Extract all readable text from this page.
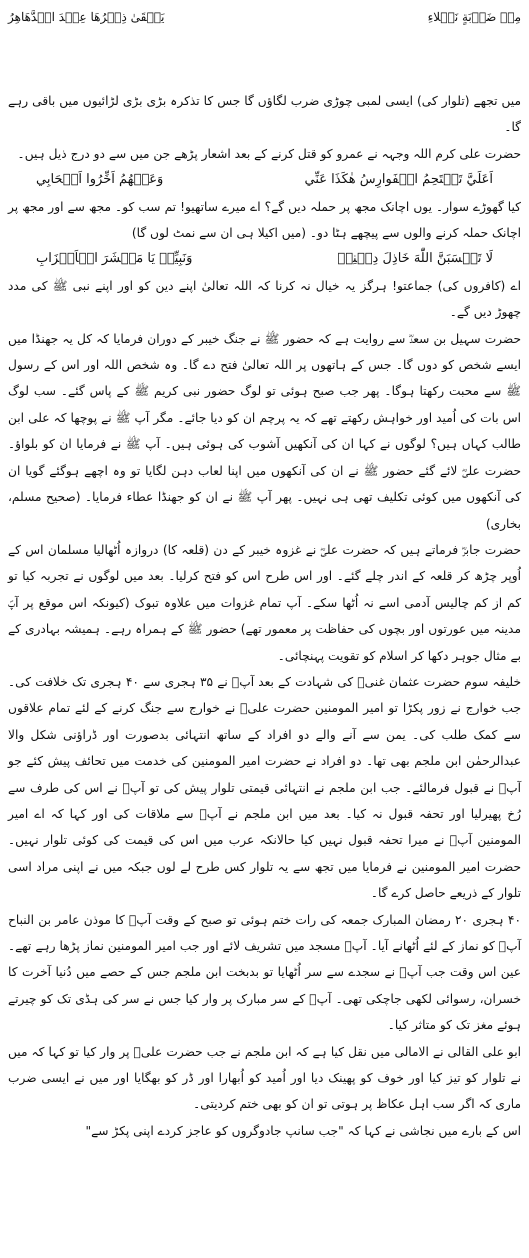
مِنۡ ضَرۡبَةٍ نَجۡلاءِ
يَبۡقَىٰ ذِكۡرُهَا عِنۡدَ الۡدَّهَاهِرُ

میں تجھے (تلوار کی) ایسی لمبی چوڑی ضرب لگاؤں گا جس کا تذکرہ بڑی بڑی لڑائیوں میں باقی رہے گا۔

حضرت علی کرم اللہ وجہہ نے عمرو کو قتل کرنے کے بعد اشعار پڑھے جن میں سے دو درج ذیل ہیں۔

اَعَلَيَّ تَقۡتَحِمُ الۡفَوارِسُ هٰكَذَا عَنِّي
وَعَنۡهُمُ اَخِّرُوا اَصۡحَابِي

کیا گھوڑے سوار۔ یوں اچانک مجھ پر حملہ دیں گے؟ اے میرے ساتھیو! تم سب کو۔ مجھ سے اور مجھ پر اچانک حملہ کرنے والوں سے پیچھے ہٹا دو۔ (میں اکیلا ہی ان سے نمٹ لوں گا)

لَا تَحۡسَبَنَّ اللّٰهَ خَاذِلَ دِيۡنِهٖ
وَنَبِيِّهٖ يَا مَعۡشَرَ الۡاَحۡزَابِ

اے (کافروں کی) جماعتو! ہرگز یہ خیال نہ کرنا کہ اللہ تعالیٰ اپنے دین کو اور اپنے نبی ﷺ کی مدد چھوڑ دیں گے۔

حضرت سہیل بن سعدؓ سے روایت ہے کہ حضور ﷺ نے جنگ خیبر کے دوران فرمایا کہ کل یہ جھنڈا میں ایسے شخص کو دوں گا۔ جس کے ہاتھوں پر اللہ تعالیٰ فتح دے گا۔ وہ شخص اللہ اور اس کے رسول ﷺ سے محبت رکھتا ہوگا۔ پھر جب صبح ہوئی تو لوگ حضور نبی کریم ﷺ کے پاس گئے۔ سب لوگ اس بات کی اُمید اور خواہش رکھتے تھے کہ یہ پرچم ان کو دیا جائے۔ مگر آپ ﷺ نے پوچھا کہ علی ابن طالب کہاں ہیں؟ لوگوں نے کہا ان کی آنکھیں آشوب کی ہوئی ہیں۔ آپ ﷺ نے فرمایا ان کو بلواؤ۔ حضرت علیؓ لائے گئے حضور ﷺ نے ان کی آنکھوں میں اپنا لعاب دہن لگایا تو وہ اچھے ہوگئے گویا ان کی آنکھوں میں کوئی تکلیف تھی ہی نہیں۔ پھر آپ ﷺ نے ان کو جھنڈا عطاء فرمایا۔ (صحیح مسلم، بخاری)

حضرت جابرؓ فرماتے ہیں کہ حضرت علیؓ نے غزوہ خیبر کے دن (قلعہ کا) دروازہ اُٹھالیا مسلمان اس کے اُوپر چڑھ کر قلعہ کے اندر چلے گئے۔ اور اس طرح اس کو فتح کرلیا۔ بعد میں لوگوں نے تجربہ کیا تو کم از کم چالیس آدمی اسے نہ اُٹھا سکے۔ آپ تمام غزوات میں علاوہ تبوک (کیونکہ اس موقع پر آپؐ مدینہ میں عورتوں اور بچوں کی حفاظت پر معمور تھے) حضور ﷺ کے ہمراہ رہے۔ ہمیشہ بہادری کے بے مثال جوہر دکھا کر اسلام کو تقویت پہنچائی۔

خلیفہ سوم حضرت عثمان غنیؓ کی شہادت کے بعد آپؓ نے ۳۵ ہجری سے ۴۰ ہجری تک خلافت کی۔ جب خوارج نے زور پکڑا تو امیر المومنین حضرت علیؓ نے خوارج سے جنگ کرنے کے لئے تمام علاقوں سے کمک طلب کی۔ یمن سے آنے والے دو افراد کے ساتھ انتہائی بدصورت اور ڈراؤنی شکل والا عبدالرحمٰن ابن ملجم بھی تھا۔ دو افراد نے حضرت امیر المومنین کی خدمت میں تحائف پیش کئے جو آپؓ نے قبول فرمالئے۔ جب ابن ملجم نے انتہائی قیمتی تلوار پیش کی تو آپؓ نے اس کی طرف سے رُخ پھیرلیا اور تحفہ قبول نہ کیا۔ بعد میں ابن ملجم نے آپؓ سے ملاقات کی اور کہا کہ اے امیر المومنین آپؓ نے میرا تحفہ قبول نہیں کیا حالانکہ عرب میں اس کی قیمت کی کوئی تلوار نہیں۔ حضرت امیر المومنین نے فرمایا میں تجھ سے یہ تلوار کس طرح لے لوں جبکہ میں نے اپنی مراد اسی تلوار کے ذریعے حاصل کرے گا۔

۴۰ ہجری ۲۰ رمضان المبارک جمعہ کی رات ختم ہوئی تو صبح کے وقت آپؓ کا موذن عامر بن النباح آپؓ کو نماز کے لئے اُٹھانے آیا۔ آپؓ مسجد میں تشریف لائے اور جب امیر المومنین نماز پڑھا رہے تھے۔ عین اس وقت جب آپؓ نے سجدے سے سر اُٹھایا تو بدبخت ابن ملجم جس کے حصے میں دُنیا آخرت کا خسران، رسوائی لکھی جاچکی تھی۔ آپؓ کے سر مبارک پر وار کیا جس نے سر کی ہڈی تک کو چیرتے ہوئے مغز تک کو متاثر کیا۔

ابو علی القالی نے الامالی میں نقل کیا ہے کہ ابن ملجم نے جب حضرت علیؓ پر وار کیا تو کہا کہ میں نے تلوار کو تیز کیا اور خوف کو پھینک دیا اور اُمید کو اُبھارا اور ڈر کو بھگایا اور میں نے ایسی ضرب ماری کہ اگر سب اہل عکاظ پر ہوتی تو ان کو بھی ختم کردیتی۔

اس کے بارے میں نجاشی نے کہا کہ "جب سانپ جادوگروں کو عاجز کردے اپنی پکڑ سے"
